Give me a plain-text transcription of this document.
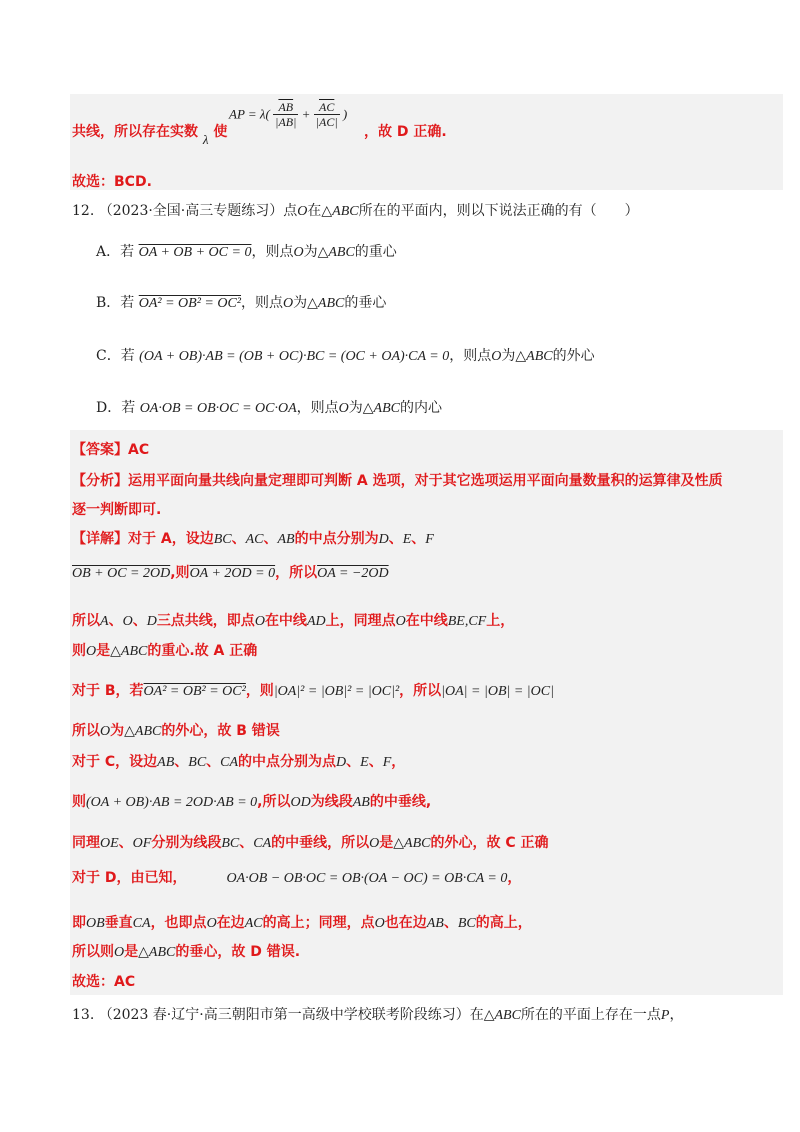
共线，所以存在实数 λ 使
AP = $\lambda( \frac{\overline{AB}}{|AB|} + \frac{\overline{AC}}{|AC|}$ )
，故 D 正确.
故选：BCD.
12. （2023·全国·高三专题练习）点O在△ABC所在的平面内，则以下说法正确的有（　　）
A．若 OA + OB + OC = 0，则点O为△ABC的重心
B．若 OA² = OB² = OC²，则点O为△ABC的垂心
C．若 (OA + OB)·AB = (OB + OC)·BC = (OC + OA)·CA = 0，则点O为△ABC的外心
D．若 OA·OB = OB·OC = OC·OA，则点O为△ABC的内心
【答案】AC
【分析】运用平面向量共线向量定理即可判断 A 选项，对于其它选项运用平面向量数量积的运算律及性质
逐一判断即可.
【详解】对于 A，设边BC、AC、AB的中点分别为D、E、F
OB + OC = 2OD,则OA + 2OD = 0，所以OA = −2OD
所以A、O、D三点共线，即点O在中线AD上，同理点O在中线BE,CF上，
则O是△ABC的重心.故 A 正确
对于 B，若OA² = OB² = OC²，则|OA|² = |OB|² = |OC|²，所以|OA| = |OB| = |OC|
所以O为△ABC的外心，故 B 错误
对于 C，设边AB、BC、CA的中点分别为点D、E、F，
则(OA + OB)·AB = 2OD·AB = 0,所以OD为线段AB的中垂线,
同理OE、OF分别为线段BC、CA的中垂线，所以O是△ABC的外心，故 C 正确
对于 D，由已知，	OA·OB − OB·OC = OB·(OA − OC) = OB·CA = 0，
即OB垂直CA，也即点O在边AC的高上；同理，点O也在边AB、BC的高上，
所以则O是△ABC的垂心，故 D 错误.
故选：AC
13. （2023 春·辽宁·高三朝阳市第一高级中学校联考阶段练习）在△ABC所在的平面上存在一点P，
